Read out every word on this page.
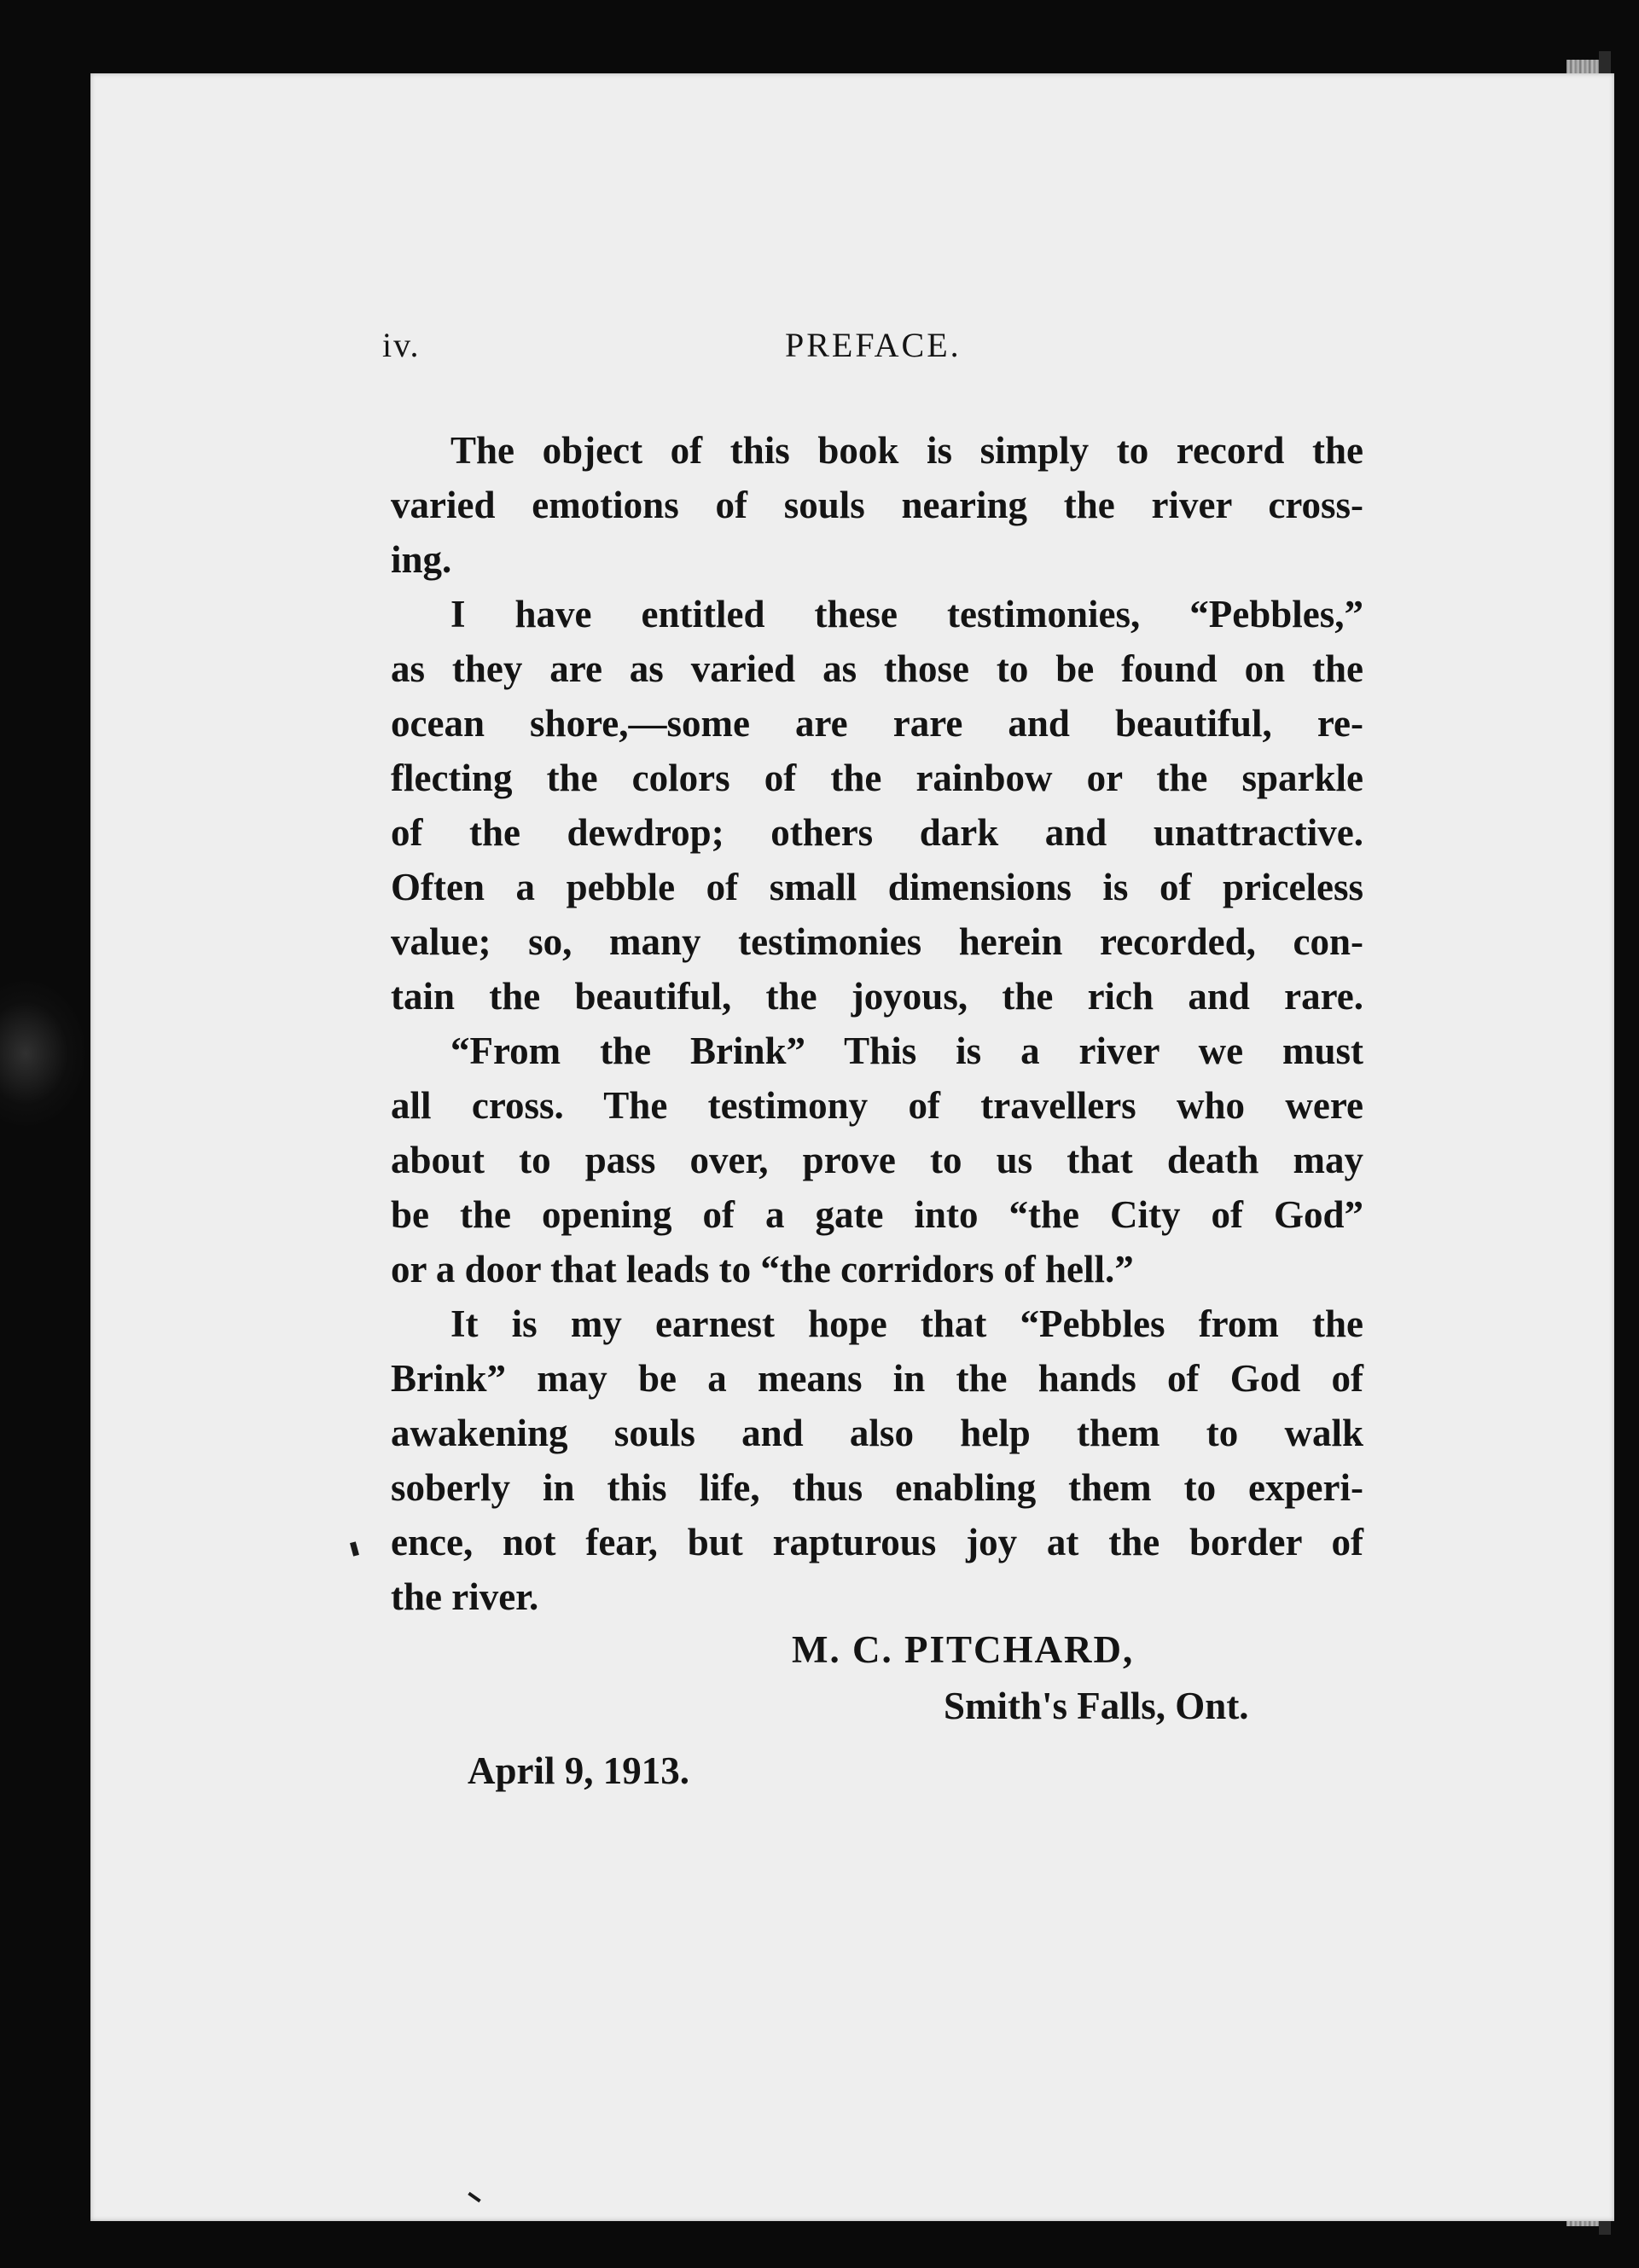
iv.	PREFACE.
The object of this book is simply to record the
varied emotions of souls nearing the river cross-
ing.
I have entitled these testimonies, “Pebbles,”
as they are as varied as those to be found on the
ocean shore,—some are rare and beautiful, re-
flecting the colors of the rainbow or the sparkle
of the dewdrop; others dark and unattractive.
Often a pebble of small dimensions is of priceless
value; so, many testimonies herein recorded, con-
tain the beautiful, the joyous, the rich and rare.
“From the Brink” This is a river we must
all cross. The testimony of travellers who were
about to pass over, prove to us that death may
be the opening of a gate into “the City of God”
or a door that leads to “the corridors of hell.”
It is my earnest hope that “Pebbles from the
Brink” may be a means in the hands of God of
awakening souls and also help them to walk
soberly in this life, thus enabling them to experi-
ence, not fear, but rapturous joy at the border of
the river.
M. C. PITCHARD,
Smith's Falls, Ont.
April 9, 1913.
